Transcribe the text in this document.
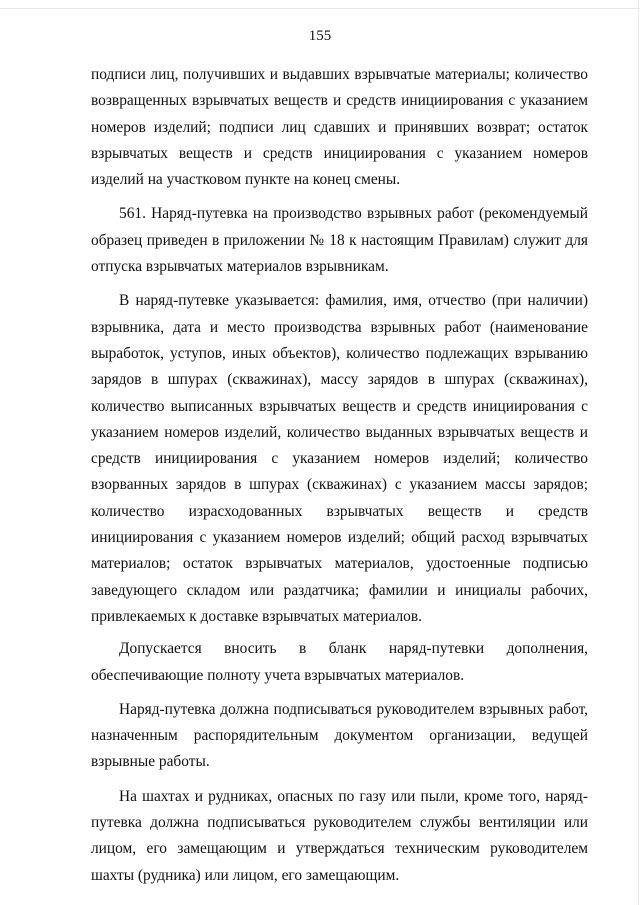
155

подписи лиц, получивших и выдавших взрывчатые материалы; количество возвращенных взрывчатых веществ и средств инициирования с указанием номеров изделий; подписи лиц сдавших и принявших возврат; остаток взрывчатых веществ и средств инициирования с указанием номеров изделий на участковом пункте на конец смены.

561. Наряд-путевка на производство взрывных работ (рекомендуемый образец приведен в приложении № 18 к настоящим Правилам) служит для отпуска взрывчатых материалов взрывникам.

В наряд-путевке указывается: фамилия, имя, отчество (при наличии) взрывника, дата и место производства взрывных работ (наименование выработок, уступов, иных объектов), количество подлежащих взрыванию зарядов в шпурах (скважинах), массу зарядов в шпурах (скважинах), количество выписанных взрывчатых веществ и средств инициирования с указанием номеров изделий, количество выданных взрывчатых веществ и средств инициирования с указанием номеров изделий; количество взорванных зарядов в шпурах (скважинах) с указанием массы зарядов; количество израсходованных взрывчатых веществ и средств инициирования с указанием номеров изделий; общий расход взрывчатых материалов; остаток взрывчатых материалов, удостоенные подписью заведующего складом или раздатчика; фамилии и инициалы рабочих, привлекаемых к доставке взрывчатых материалов.

Допускается вносить в бланк наряд-путевки дополнения, обеспечивающие полноту учета взрывчатых материалов.

Наряд-путевка должна подписываться руководителем взрывных работ, назначенным распорядительным документом организации, ведущей взрывные работы.

На шахтах и рудниках, опасных по газу или пыли, кроме того, наряд-путевка должна подписываться руководителем службы вентиляции или лицом, его замещающим и утверждаться техническим руководителем шахты (рудника) или лицом, его замещающим.
